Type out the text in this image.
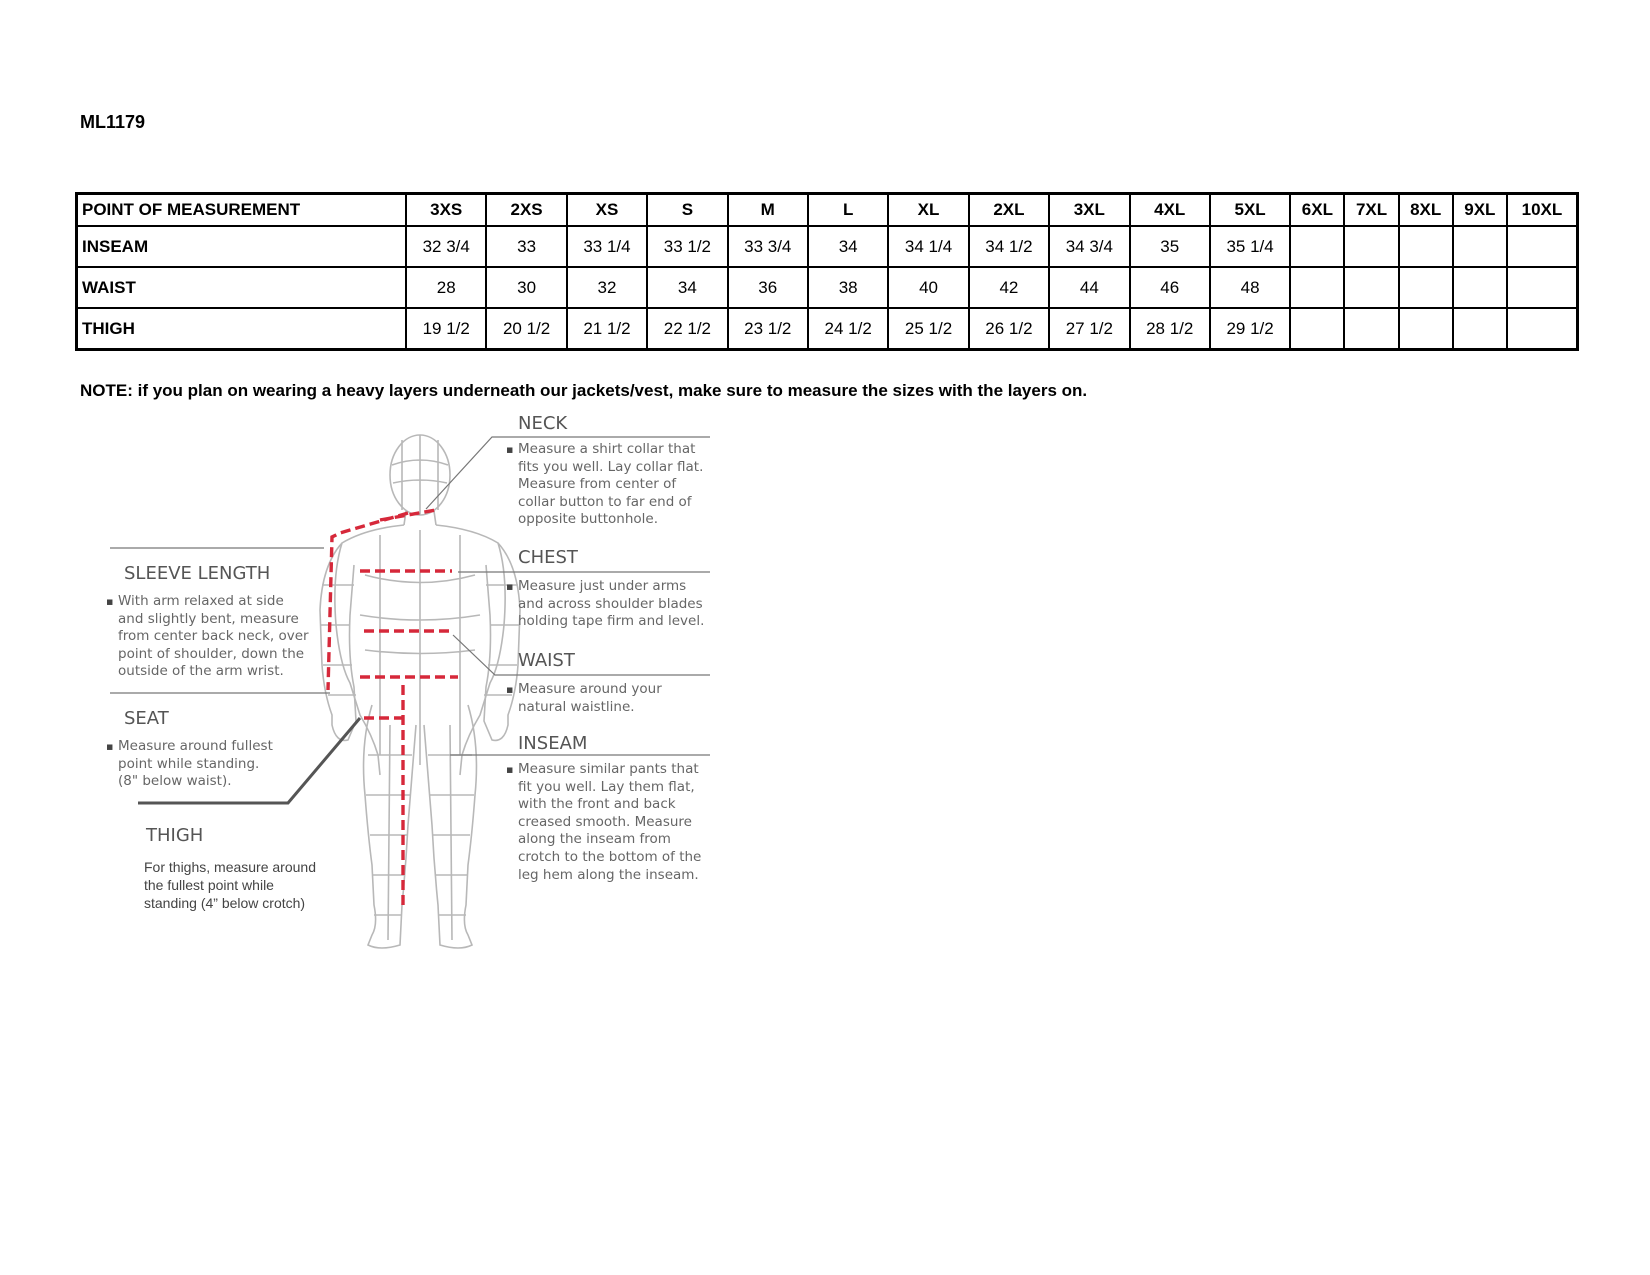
ML1179
POINT OF MEASUREMENT	3XS	2XS	XS	S	M	L	XL	2XL	3XL	4XL	5XL	6XL	7XL	8XL	9XL	10XL
INSEAM	32 3/4	33	33 1/4	33 1/2	33 3/4	34	34 1/4	34 1/2	34 3/4	35	35 1/4					
WAIST	28	30	32	34	36	38	40	42	44	46	48					
THIGH	19 1/2	20 1/2	21 1/2	22 1/2	23 1/2	24 1/2	25 1/2	26 1/2	27 1/2	28 1/2	29 1/2					
NOTE: if you plan on wearing a heavy layers underneath our jackets/vest, make sure to measure the sizes with the layers on.
NECK
▪ Measure a shirt collar that
fits you well. Lay collar flat.
Measure from center of
collar button to far end of
opposite buttonhole.
CHEST
▪ Measure just under arms
and across shoulder blades
holding tape firm and level.
WAIST
▪ Measure around your
natural waistline.
INSEAM
▪ Measure similar pants that
fit you well. Lay them flat,
with the front and back
creased smooth. Measure
along the inseam from
crotch to the bottom of the
leg hem along the inseam.
SLEEVE LENGTH
▪ With arm relaxed at side
and slightly bent, measure
from center back neck, over
point of shoulder, down the
outside of the arm wrist.
SEAT
▪ Measure around fullest
point while standing.
(8" below waist).
THIGH
For thighs, measure around
the fullest point while
standing (4” below crotch)
